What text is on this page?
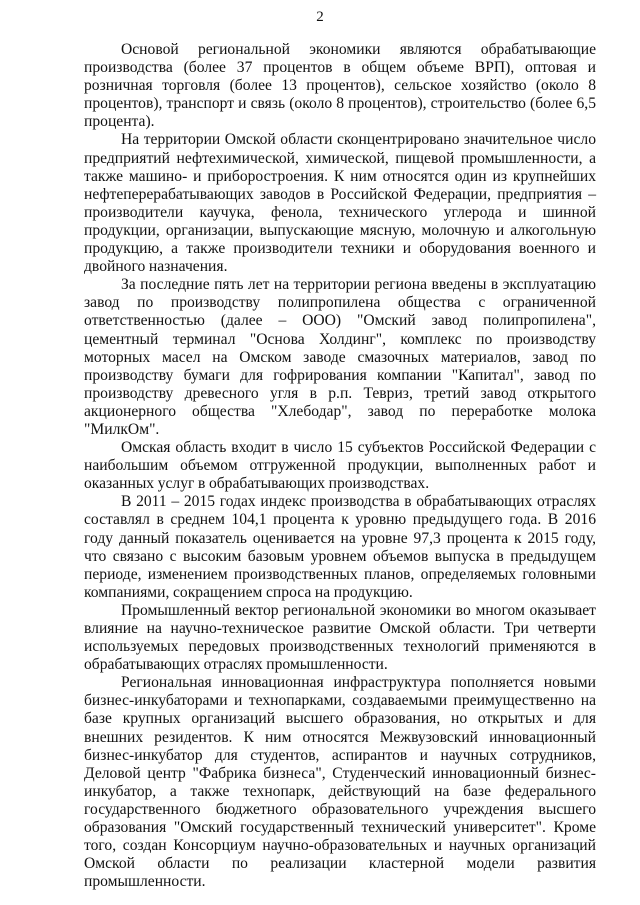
2

Основой региональной экономики являются обрабатывающие производства (более 37 процентов в общем объеме ВРП), оптовая и розничная торговля (более 13 процентов), сельское хозяйство (около 8 процентов), транспорт и связь (около 8 процентов), строительство (более 6,5 процента).

На территории Омской области сконцентрировано значительное число предприятий нефтехимической, химической, пищевой промышленности, а также машино- и приборостроения. К ним относятся один из крупнейших нефтеперерабатывающих заводов в Российской Федерации, предприятия – производители каучука, фенола, технического углерода и шинной продукции, организации, выпускающие мясную, молочную и алкогольную продукцию, а также производители техники и оборудования военного и двойного назначения.

За последние пять лет на территории региона введены в эксплуатацию завод по производству полипропилена общества с ограниченной ответственностью (далее – ООО) "Омский завод полипропилена", цементный терминал "Основа Холдинг", комплекс по производству моторных масел на Омском заводе смазочных материалов, завод по производству бумаги для гофрирования компании "Капитал", завод по производству древесного угля в р.п. Тевриз, третий завод открытого акционерного общества "Хлебодар", завод по переработке молока "МилкОм".

Омская область входит в число 15 субъектов Российской Федерации с наибольшим объемом отгруженной продукции, выполненных работ и оказанных услуг в обрабатывающих производствах.

В 2011 – 2015 годах индекс производства в обрабатывающих отраслях составлял в среднем 104,1 процента к уровню предыдущего года. В 2016 году данный показатель оценивается на уровне 97,3 процента к 2015 году, что связано с высоким базовым уровнем объемов выпуска в предыдущем периоде, изменением производственных планов, определяемых головными компаниями, сокращением спроса на продукцию.

Промышленный вектор региональной экономики во многом оказывает влияние на научно-техническое развитие Омской области. Три четверти используемых передовых производственных технологий применяются в обрабатывающих отраслях промышленности.

Региональная инновационная инфраструктура пополняется новыми бизнес-инкубаторами и технопарками, создаваемыми преимущественно на базе крупных организаций высшего образования, но открытых и для внешних резидентов. К ним относятся Межвузовский инновационный бизнес-инкубатор для студентов, аспирантов и научных сотрудников, Деловой центр "Фабрика бизнеса", Студенческий инновационный бизнес-инкубатор, а также технопарк, действующий на базе федерального государственного бюджетного образовательного учреждения высшего образования "Омский государственный технический университет". Кроме того, создан Консорциум научно-образовательных и научных организаций Омской области по реализации кластерной модели развития промышленности.
